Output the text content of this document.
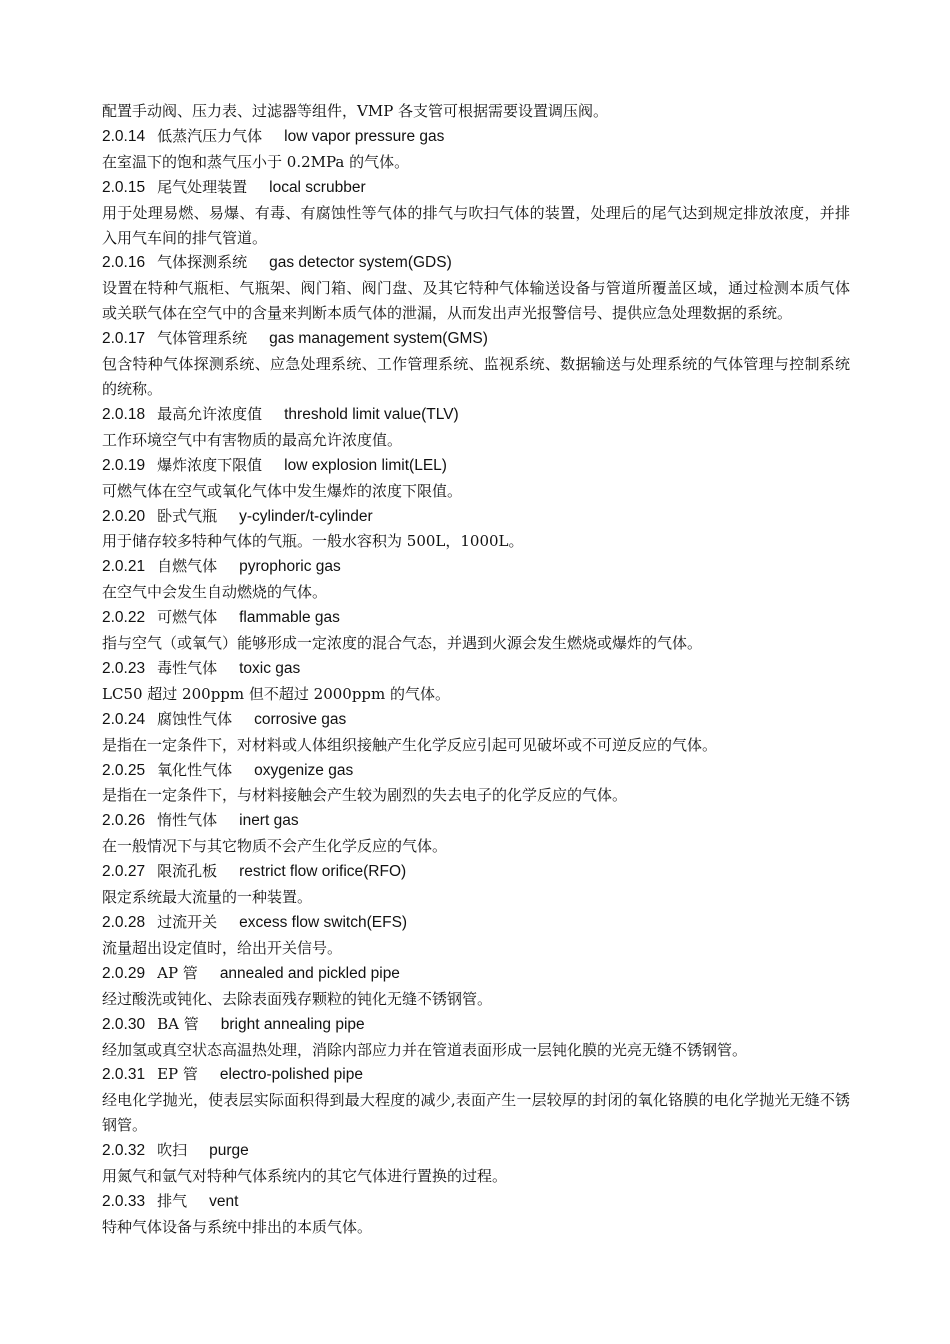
配置手动阀、压力表、过滤器等组件，VMP 各支管可根据需要设置调压阀。

2.0.14 低蒸汽压力气体 low vapor pressure gas

在室温下的饱和蒸气压小于 0.2MPa 的气体。

2.0.15 尾气处理装置 local scrubber

用于处理易燃、易爆、有毒、有腐蚀性等气体的排气与吹扫气体的装置，处理后的尾气达到规定排放浓度，并排入用气车间的排气管道。

2.0.16 气体探测系统 gas detector system(GDS)

设置在特种气瓶柜、气瓶架、阀门箱、阀门盘、及其它特种气体输送设备与管道所覆盖区域，通过检测本质气体或关联气体在空气中的含量来判断本质气体的泄漏，从而发出声光报警信号、提供应急处理数据的系统。

2.0.17 气体管理系统 gas management system(GMS)

包含特种气体探测系统、应急处理系统、工作管理系统、监视系统、数据输送与处理系统的气体管理与控制系统的统称。

2.0.18 最高允许浓度值 threshold limit value(TLV)

工作环境空气中有害物质的最高允许浓度值。

2.0.19 爆炸浓度下限值 low explosion limit(LEL)

可燃气体在空气或氧化气体中发生爆炸的浓度下限值。

2.0.20 卧式气瓶 y-cylinder/t-cylinder

用于储存较多特种气体的气瓶。一般水容积为 500L，1000L。

2.0.21 自燃气体 pyrophoric gas

在空气中会发生自动燃烧的气体。

2.0.22 可燃气体 flammable gas

指与空气（或氧气）能够形成一定浓度的混合气态，并遇到火源会发生燃烧或爆炸的气体。

2.0.23 毒性气体 toxic gas

LC50 超过 200ppm 但不超过 2000ppm 的气体。

2.0.24 腐蚀性气体 corrosive gas

是指在一定条件下，对材料或人体组织接触产生化学反应引起可见破坏或不可逆反应的气体。

2.0.25 氧化性气体 oxygenize gas

是指在一定条件下，与材料接触会产生较为剧烈的失去电子的化学反应的气体。

2.0.26 惰性气体 inert gas

在一般情况下与其它物质不会产生化学反应的气体。

2.0.27 限流孔板 restrict flow orifice(RFO)

限定系统最大流量的一种装置。

2.0.28 过流开关 excess flow switch(EFS)

流量超出设定值时，给出开关信号。

2.0.29 AP 管 annealed and pickled pipe

经过酸洗或钝化、去除表面残存颗粒的钝化无缝不锈钢管。

2.0.30 BA 管 bright annealing pipe

经加氢或真空状态高温热处理，消除内部应力并在管道表面形成一层钝化膜的光亮无缝不锈钢管。

2.0.31 EP 管 electro-polished pipe

经电化学抛光，使表层实际面积得到最大程度的减少,表面产生一层较厚的封闭的氧化铬膜的电化学抛光无缝不锈钢管。

2.0.32 吹扫 purge

用氮气和氩气对特种气体系统内的其它气体进行置换的过程。

2.0.33 排气 vent

特种气体设备与系统中排出的本质气体。
